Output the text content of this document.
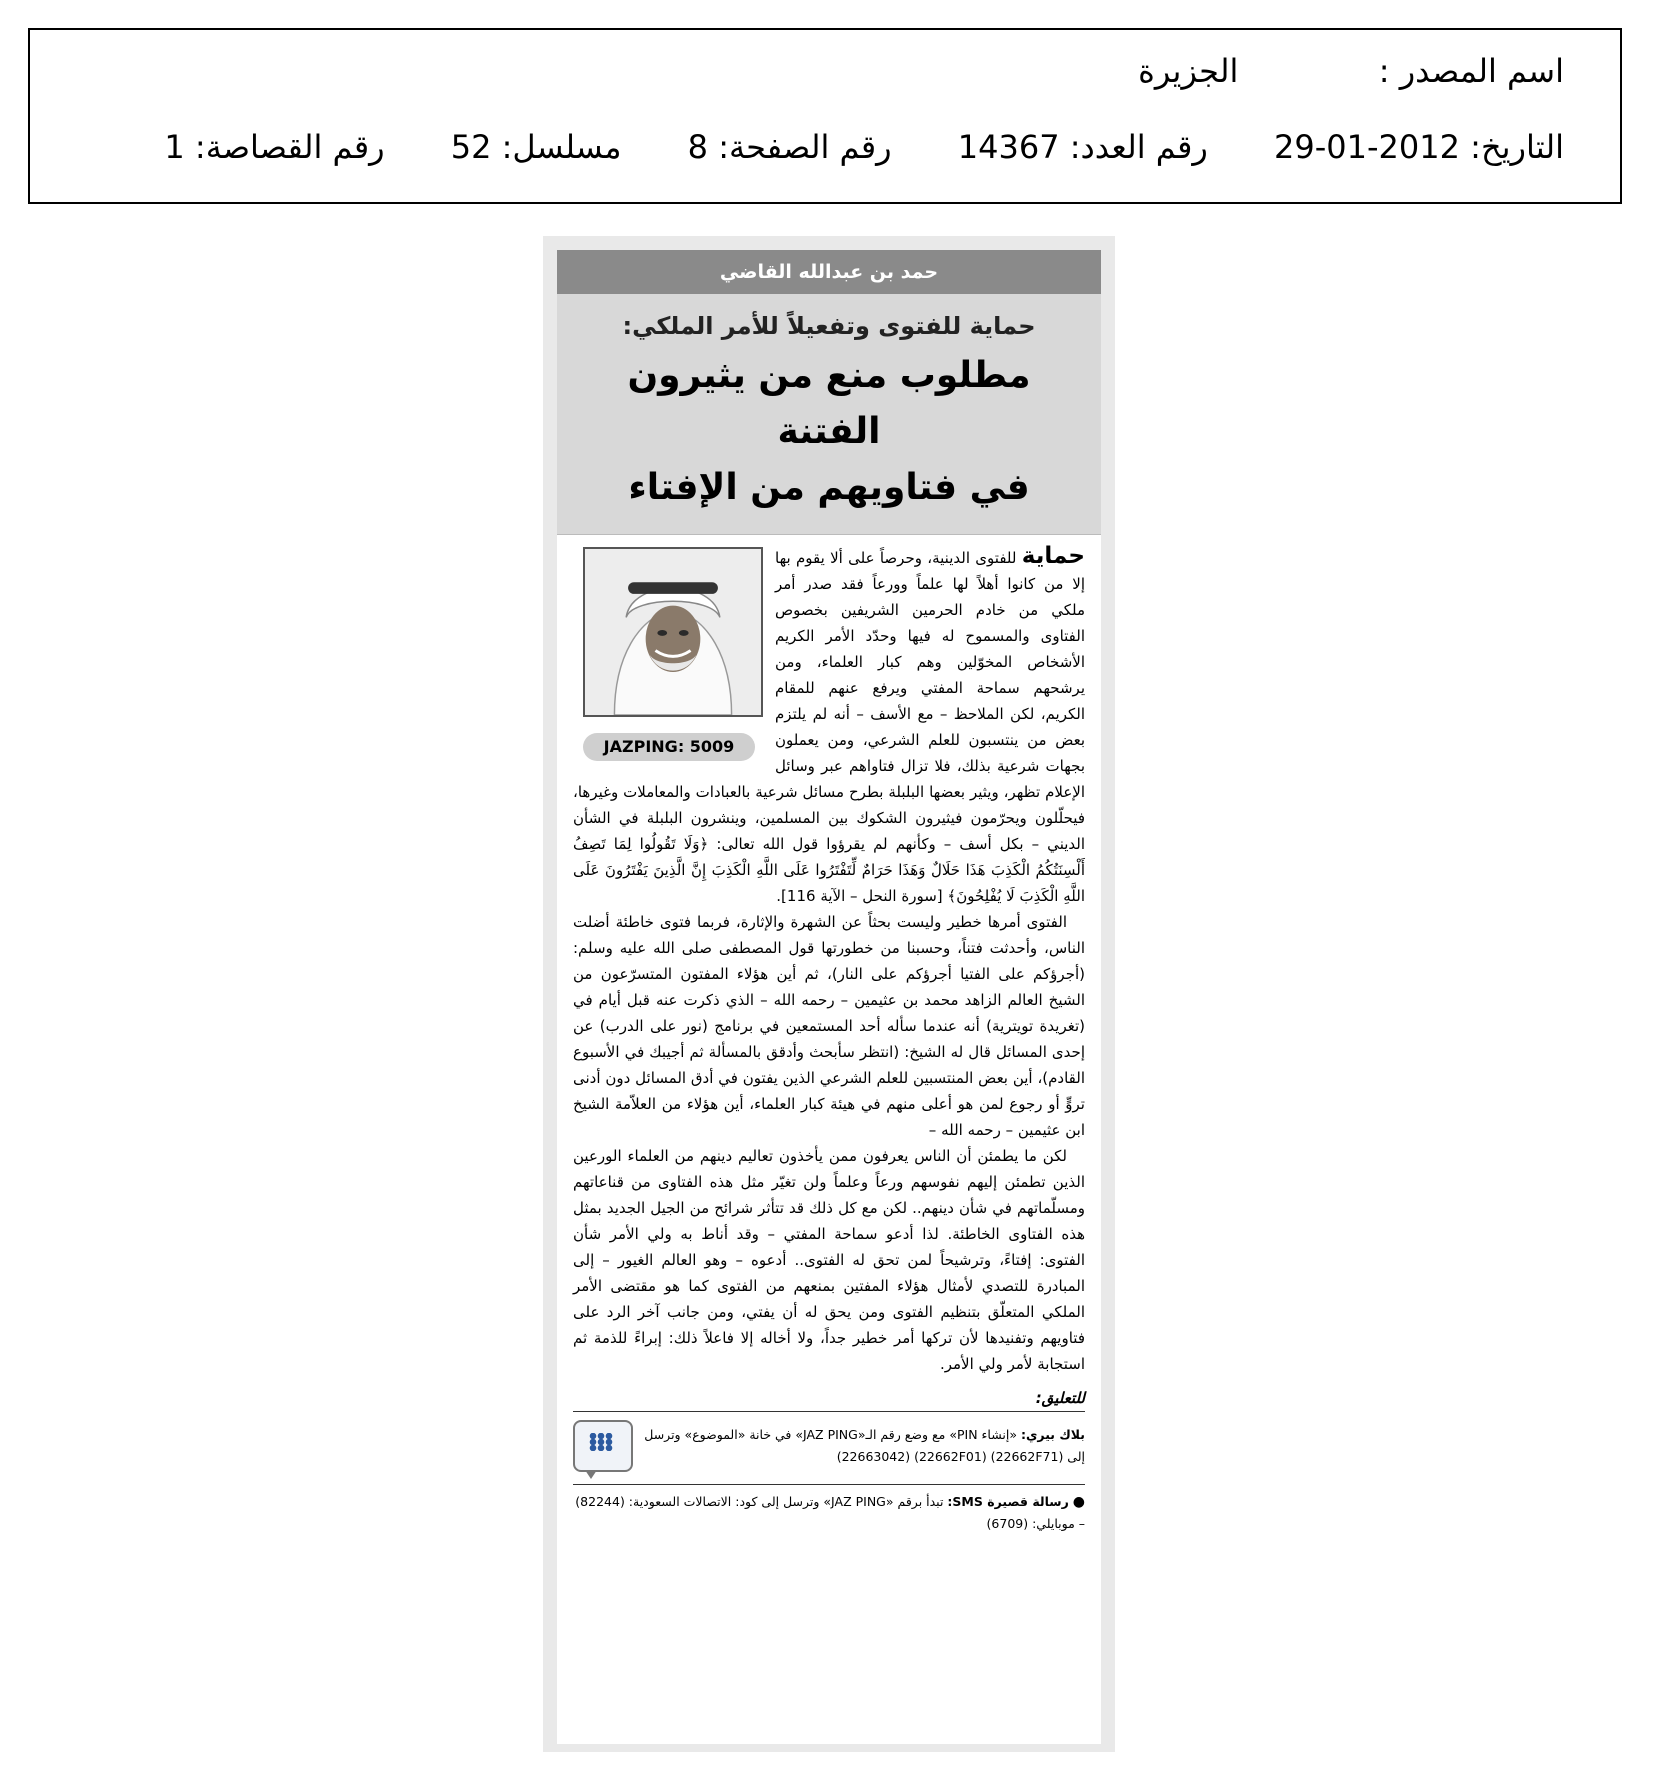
اسم المصدر :  الجزيرة
التاريخ: 2012-01-29 رقم العدد: 14367 رقم الصفحة: 8 مسلسل: 52 رقم القصاصة: 1
حمد بن عبدالله القاضي
حماية للفتوى وتفعيلاً للأمر الملكي:
مطلوب منع من يثيرون الفتنة
في فتاويهم من الإفتاء
JAZPING: 5009

حماية للفتوى الدينية، وحرصاً على ألا يقوم بها إلا من كانوا أهلاً لها علماً وورعاً فقد صدر أمر ملكي من خادم الحرمين الشريفين بخصوص الفتاوى والمسموح له فيها وحدّد الأمر الكريم الأشخاص المخوّلين وهم كبار العلماء، ومن يرشحهم سماحة المفتي ويرفع عنهم للمقام الكريم، لكن الملاحظ – مع الأسف – أنه لم يلتزم بعض من ينتسبون للعلم الشرعي، ومن يعملون بجهات شرعية بذلك، فلا تزال فتاواهم عبر وسائل الإعلام تظهر، ويثير بعضها البلبلة بطرح مسائل شرعية بالعبادات والمعاملات وغيرها، فيحلّلون ويحرّمون فيثيرون الشكوك بين المسلمين، وينشرون البلبلة في الشأن الديني – بكل أسف – وكأنهم لم يقرؤوا قول الله تعالى: ﴿وَلَا تَقُولُوا لِمَا تَصِفُ أَلْسِنَتُكُمُ الْكَذِبَ هَذَا حَلَالٌ وَهَذَا حَرَامٌ لِّتَفْتَرُوا عَلَى اللَّهِ الْكَذِبَ إِنَّ الَّذِينَ يَفْتَرُونَ عَلَى اللَّهِ الْكَذِبَ لَا يُفْلِحُونَ﴾ [سورة النحل – الآية 116].

الفتوى أمرها خطير وليست بحثاً عن الشهرة والإثارة، فربما فتوى خاطئة أضلت الناس، وأحدثت فتناً، وحسبنا من خطورتها قول المصطفى صلى الله عليه وسلم: (أجرؤكم على الفتيا أجرؤكم على النار)، ثم أين هؤلاء المفتون المتسرّعون من الشيخ العالم الزاهد محمد بن عثيمين – رحمه الله – الذي ذكرت عنه قبل أيام في (تغريدة تويترية) أنه عندما سأله أحد المستمعين في برنامج (نور على الدرب) عن إحدى المسائل قال له الشيخ: (انتظر سأبحث وأدقق بالمسألة ثم أجيبك في الأسبوع القادم)، أين بعض المنتسبين للعلم الشرعي الذين يفتون في أدق المسائل دون أدنى تروٍّ أو رجوع لمن هو أعلى منهم في هيئة كبار العلماء، أين هؤلاء من العلاّمة الشيخ ابن عثيمين – رحمه الله –

لكن ما يطمئن أن الناس يعرفون ممن يأخذون تعاليم دينهم من العلماء الورعين الذين تطمئن إليهم نفوسهم ورعاً وعلماً ولن تغيّر مثل هذه الفتاوى من قناعاتهم ومسلّماتهم في شأن دينهم.. لكن مع كل ذلك قد تتأثر شرائح من الجيل الجديد بمثل هذه الفتاوى الخاطئة. لذا أدعو سماحة المفتي – وقد أناط به ولي الأمر شأن الفتوى: إفتاءً، وترشيحاً لمن تحق له الفتوى.. أدعوه – وهو العالم الغيور – إلى المبادرة للتصدي لأمثال هؤلاء المفتين بمنعهم من الفتوى كما هو مقتضى الأمر الملكي المتعلّق بتنظيم الفتوى ومن يحق له أن يفتي، ومن جانب آخر الرد على فتاويهم وتفنيدها لأن تركها أمر خطير جداً، ولا أخاله إلا فاعلاً ذلك: إبراءً للذمة ثم استجابة لأمر ولي الأمر.

للتعليق:
بلاك بيري: «إنشاء PIN» مع وضع رقم الـ«JAZ PING» في خانة «الموضوع» وترسل إلى (22662F71) (22662F01) (22663042)
● رسالة قصيرة SMS: تبدأ برقم «JAZ PING» وترسل إلى كود: الاتصالات السعودية: (82244) – موبايلي: (6709)
